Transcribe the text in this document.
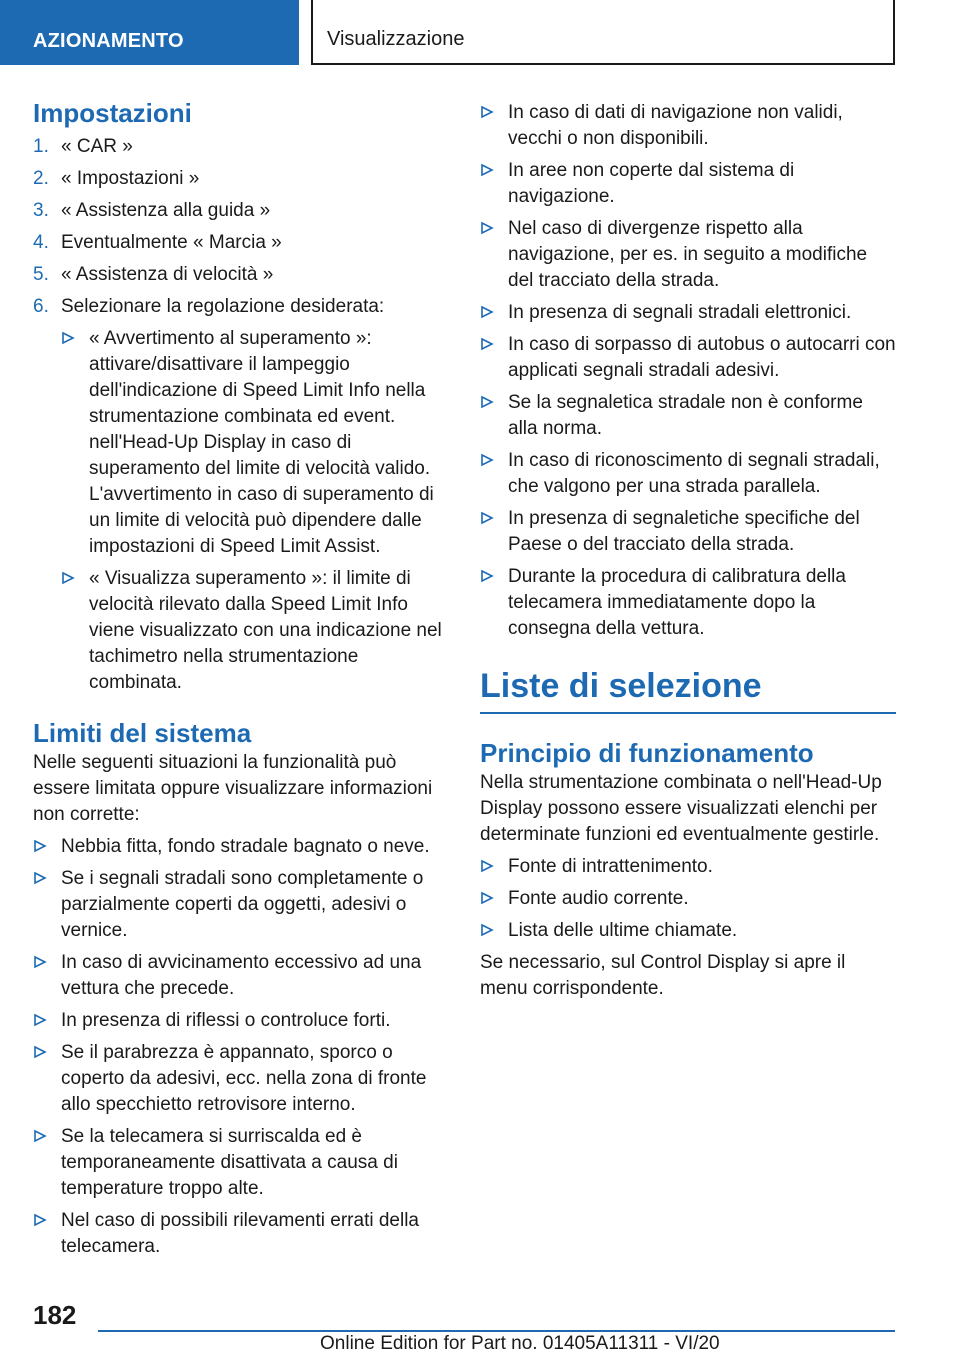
AZIONAMENTO	Visualizzazione
Impostazioni
1. « CAR »
2. « Impostazioni »
3. « Assistenza alla guida »
4. Eventualmente « Marcia »
5. « Assistenza di velocità »
6. Selezionare la regolazione desiderata:
« Avvertimento al superamento »: attivare/disattivare il lampeggio dell'indicazione di Speed Limit Info nella strumentazione combinata ed event. nell'Head-Up Display in caso di superamento del limite di velocità valido. L'avvertimento in caso di superamento di un limite di velocità può dipendere dalle impostazioni di Speed Limit Assist.
« Visualizza superamento »: il limite di velocità rilevato dalla Speed Limit Info viene visualizzato con una indicazione nel tachimetro nella strumentazione combinata.
Limiti del sistema

Nelle seguenti situazioni la funzionalità può essere limitata oppure visualizzare informazioni non corrette:

Nebbia fitta, fondo stradale bagnato o neve.
Se i segnali stradali sono completamente o parzialmente coperti da oggetti, adesivi o vernice.
In caso di avvicinamento eccessivo ad una vettura che precede.
In presenza di riflessi o controluce forti.
Se il parabrezza è appannato, sporco o coperto da adesivi, ecc. nella zona di fronte allo specchietto retrovisore interno.
Se la telecamera si surriscalda ed è temporaneamente disattivata a causa di temperature troppo alte.
Nel caso di possibili rilevamenti errati della telecamera.
In caso di dati di navigazione non validi, vecchi o non disponibili.
In aree non coperte dal sistema di navigazione.
Nel caso di divergenze rispetto alla navigazione, per es. in seguito a modifiche del tracciato della strada.
In presenza di segnali stradali elettronici.
In caso di sorpasso di autobus o autocarri con applicati segnali stradali adesivi.
Se la segnaletica stradale non è conforme alla norma.
In caso di riconoscimento di segnali stradali, che valgono per una strada parallela.
In presenza di segnaletiche specifiche del Paese o del tracciato della strada.
Durante la procedura di calibratura della telecamera immediatamente dopo la consegna della vettura.
Liste di selezione
Principio di funzionamento

Nella strumentazione combinata o nell'Head-Up Display possono essere visualizzati elenchi per determinate funzioni ed eventualmente gestirle.

Fonte di intrattenimento.
Fonte audio corrente.
Lista delle ultime chiamate.

Se necessario, sul Control Display si apre il menu corrispondente.

182
Online Edition for Part no. 01405A11311 - VI/20
